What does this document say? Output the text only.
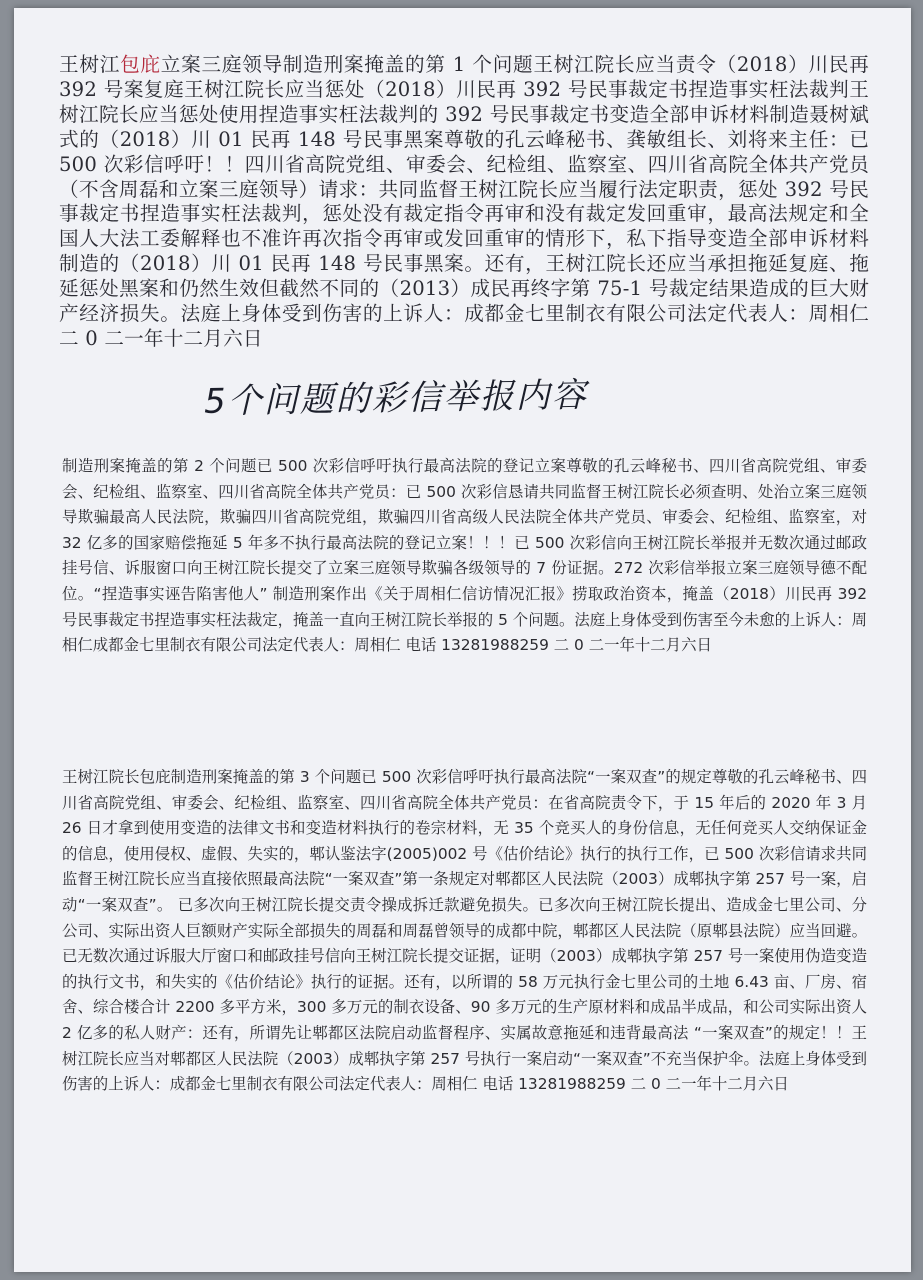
王树江包庇立案三庭领导制造刑案掩盖的第 1 个问题王树江院长应当责令（2018）川民再 392 号案复庭王树江院长应当惩处（2018）川民再 392 号民事裁定书捏造事实枉法裁判王树江院长应当惩处使用捏造事实枉法裁判的 392 号民事裁定书变造全部申诉材料制造聂树斌式的（2018）川 01 民再 148 号民事黑案尊敬的孔云峰秘书、龚敏组长、刘将来主任：已 500 次彩信呼吁！！四川省高院党组、审委会、纪检组、监察室、四川省高院全体共产党员（不含周磊和立案三庭领导）请求：共同监督王树江院长应当履行法定职责，惩处 392 号民事裁定书捏造事实枉法裁判，惩处没有裁定指令再审和没有裁定发回重审，最高法规定和全国人大法工委解释也不准许再次指令再审或发回重审的情形下，私下指导变造全部申诉材料制造的（2018）川 01 民再 148 号民事黑案。还有，王树江院长还应当承担拖延复庭、拖延惩处黑案和仍然生效但截然不同的（2013）成民再终字第 75-1 号裁定结果造成的巨大财产经济损失。法庭上身体受到伤害的上诉人：成都金七里制衣有限公司法定代表人：周相仁 二 0 二一年十二月六日
5个问题的彩信举报内容
制造刑案掩盖的第 2 个问题已 500 次彩信呼吁执行最高法院的登记立案尊敬的孔云峰秘书、四川省高院党组、审委会、纪检组、监察室、四川省高院全体共产党员：已 500 次彩信恳请共同监督王树江院长必须查明、处治立案三庭领导欺骗最高人民法院，欺骗四川省高院党组，欺骗四川省高级人民法院全体共产党员、审委会、纪检组、监察室，对 32 亿多的国家赔偿拖延 5 年多不执行最高法院的登记立案！！！已 500 次彩信向王树江院长举报并无数次通过邮政挂号信、诉服窗口向王树江院长提交了立案三庭领导欺骗各级领导的 7 份证据。272 次彩信举报立案三庭领导德不配位。“捏造事实诬告陷害他人” 制造刑案作出《关于周相仁信访情况汇报》捞取政治资本，掩盖（2018）川民再 392 号民事裁定书捏造事实枉法裁定，掩盖一直向王树江院长举报的 5 个问题。法庭上身体受到伤害至今未愈的上诉人：周相仁成都金七里制衣有限公司法定代表人：周相仁 电话 13281988259 二 0 二一年十二月六日
王树江院长包庇制造刑案掩盖的第 3 个问题已 500 次彩信呼吁执行最高法院“一案双查”的规定尊敬的孔云峰秘书、四川省高院党组、审委会、纪检组、监察室、四川省高院全体共产党员：在省高院责令下，于 15 年后的 2020 年 3 月 26 日才拿到使用变造的法律文书和变造材料执行的卷宗材料，无 35 个竞买人的身份信息，无任何竞买人交纳保证金的信息，使用侵权、虚假、失实的，郫认鉴法字(2005)002 号《估价结论》执行的执行工作，已 500 次彩信请求共同监督王树江院长应当直接依照最高法院“一案双查”第一条规定对郫都区人民法院（2003）成郫执字第 257 号一案，启动“一案双查”。 已多次向王树江院长提交责令操成拆迁款避免损失。已多次向王树江院长提出、造成金七里公司、分公司、实际出资人巨额财产实际全部损失的周磊和周磊曾领导的成都中院，郫都区人民法院（原郫县法院）应当回避。已无数次通过诉服大厅窗口和邮政挂号信向王树江院长提交证据，证明（2003）成郫执字第 257 号一案使用伪造变造的执行文书，和失实的《估价结论》执行的证据。还有，以所谓的 58 万元执行金七里公司的土地 6.43 亩、厂房、宿舍、综合楼合计 2200 多平方米，300 多万元的制衣设备、90 多万元的生产原材料和成品半成品，和公司实际出资人 2 亿多的私人财产：还有，所谓先让郫都区法院启动监督程序、实属故意拖延和违背最高法 “一案双查”的规定！！王树江院长应当对郫都区人民法院（2003）成郫执字第 257 号执行一案启动“一案双查”不充当保护伞。法庭上身体受到伤害的上诉人：成都金七里制衣有限公司法定代表人：周相仁 电话 13281988259 二 0 二一年十二月六日
